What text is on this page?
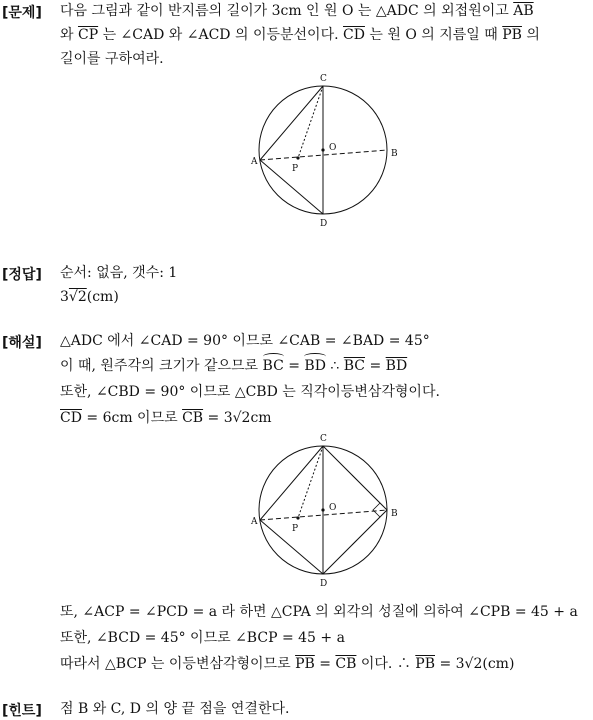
[문제] 다음 그림과 같이 반지름의 길이가 3cm 인 원 O 는 △ADC 의 외접원이고 $\overline{AB}$
와 $\overline{CP}$ 는 ∠CAD 와 ∠ACD 의 이등분선이다. $\overline{CD}$ 는 원 O 의 지름일 때 $\overline{PB}$ 의
길이를 구하여라.
C
O
B
A
P
D
[정답] 순서: 없음, 갯수: 1
3√2(cm)
[해설] △ADC 에서 ∠CAD = 90° 이므로 ∠CAB = ∠BAD = 45°
이 때, 원주각의 크기가 같으므로 BC = BD ∴ $\overline{BC} = \overline{BD}$
또한, ∠CBD = 90° 이므로 △CBD 는 직각이등변삼각형이다.
$\overline{CD} = 6cm$ 이므로 $\overline{CB} = 3√2cm$
C
O
B
A
P
D
또, ∠ACP = ∠PCD = a 라 하면 △CPA 의 외각의 성질에 의하여 ∠CPB = 45 + a
또한, ∠BCD = 45° 이므로 ∠BCP = 45 + a
따라서 △BCP 는 이등변삼각형이므로 $\overline{PB} = \overline{CB}$ 이다. ∴ $\overline{PB} = 3√2(cm)$
[힌트] 점 B 와 C, D 의 양 끝 점을 연결한다.
